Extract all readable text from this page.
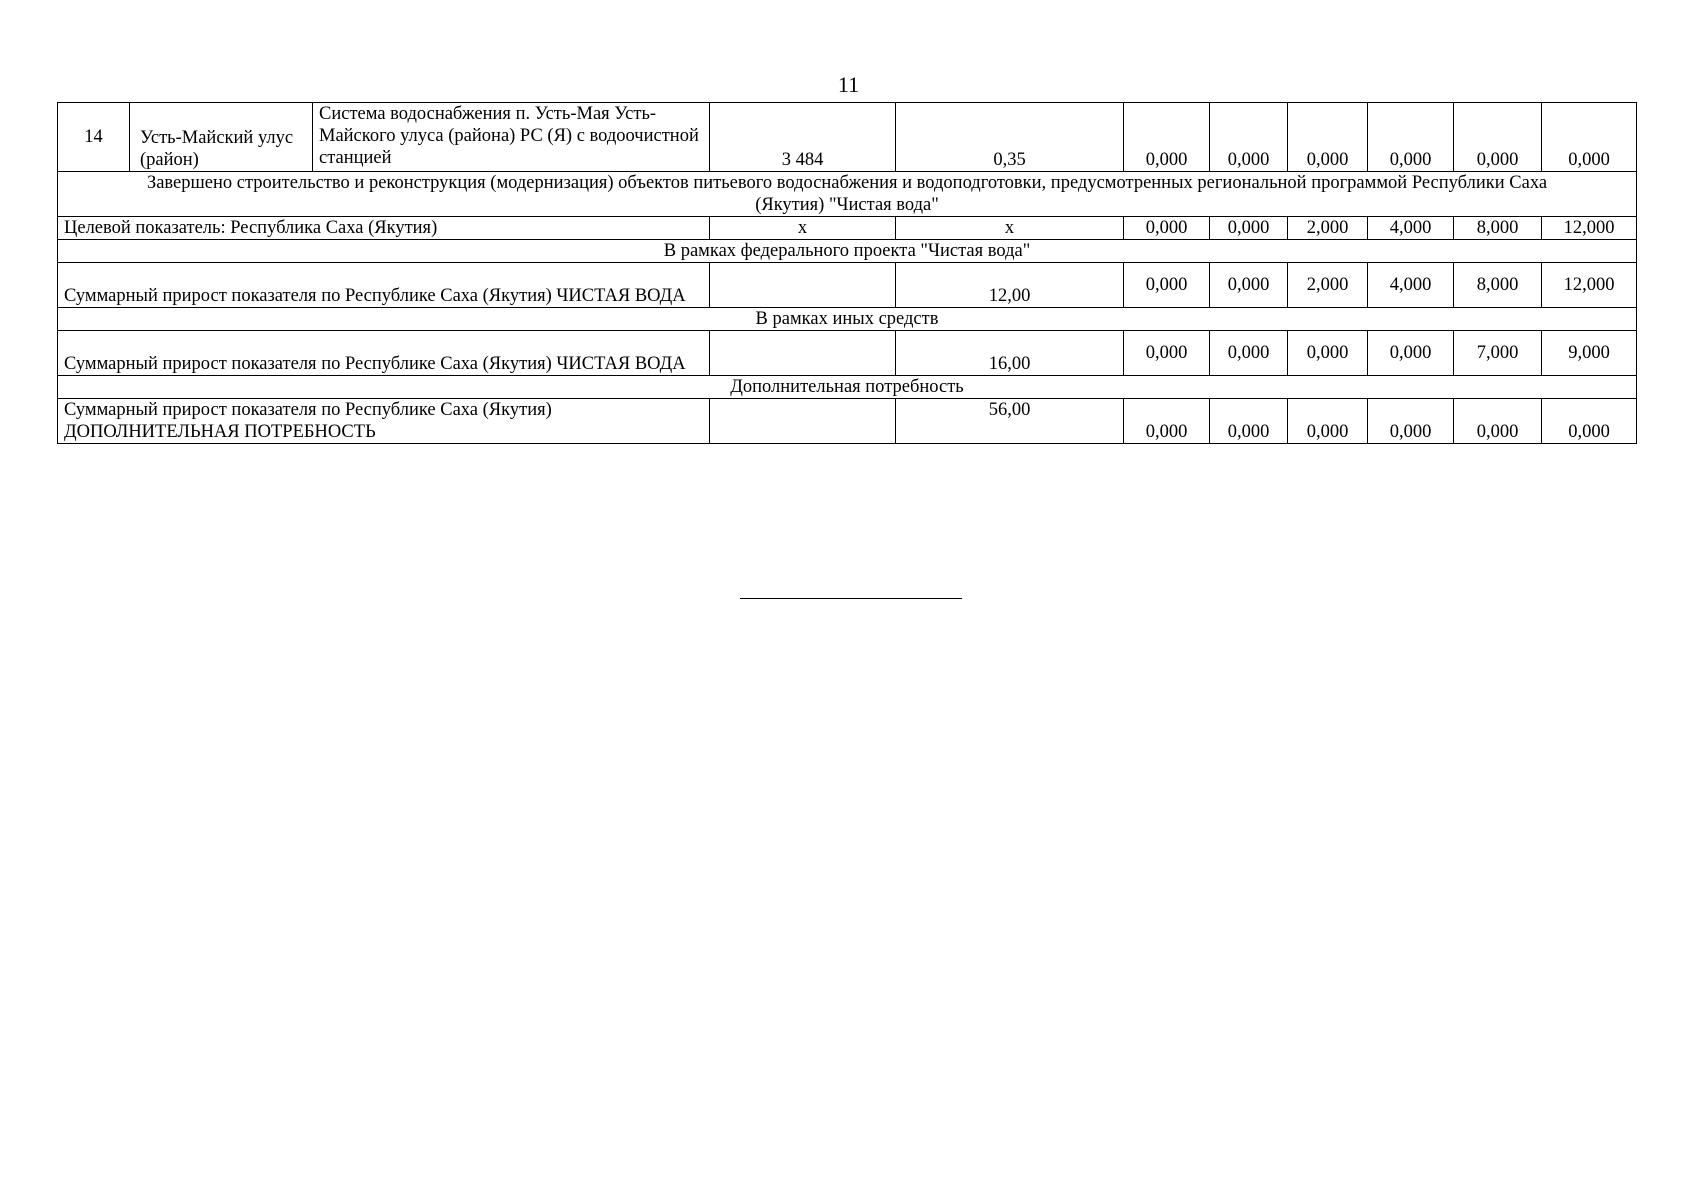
11
14	Усть-Майский улус (район)	Система водоснабжения п. Усть-Мая Усть-Майского улуса (района) РС (Я) с водоочистной станцией	3 484	0,35	0,000	0,000	0,000	0,000	0,000	0,000
Завершено строительство и реконструкция (модернизация) объектов питьевого водоснабжения и водоподготовки, предусмотренных региональной программой Республики Саха (Якутия) "Чистая вода"										
Целевой показатель: Республика Саха (Якутия)			х	х	0,000	0,000	2,000	4,000	8,000	12,000
В рамках федерального проекта "Чистая вода"										
Суммарный прирост показателя по Республике Саха (Якутия) ЧИСТАЯ ВОДА				12,00	0,000	0,000	2,000	4,000	8,000	12,000
В рамках иных средств										
Суммарный прирост показателя по Республике Саха (Якутия) ЧИСТАЯ ВОДА				16,00	0,000	0,000	0,000	0,000	7,000	9,000
Дополнительная потребность										
Суммарный прирост показателя по Республике Саха (Якутия) ДОПОЛНИТЕЛЬНАЯ ПОТРЕБНОСТЬ				56,00	0,000	0,000	0,000	0,000	0,000	0,000
